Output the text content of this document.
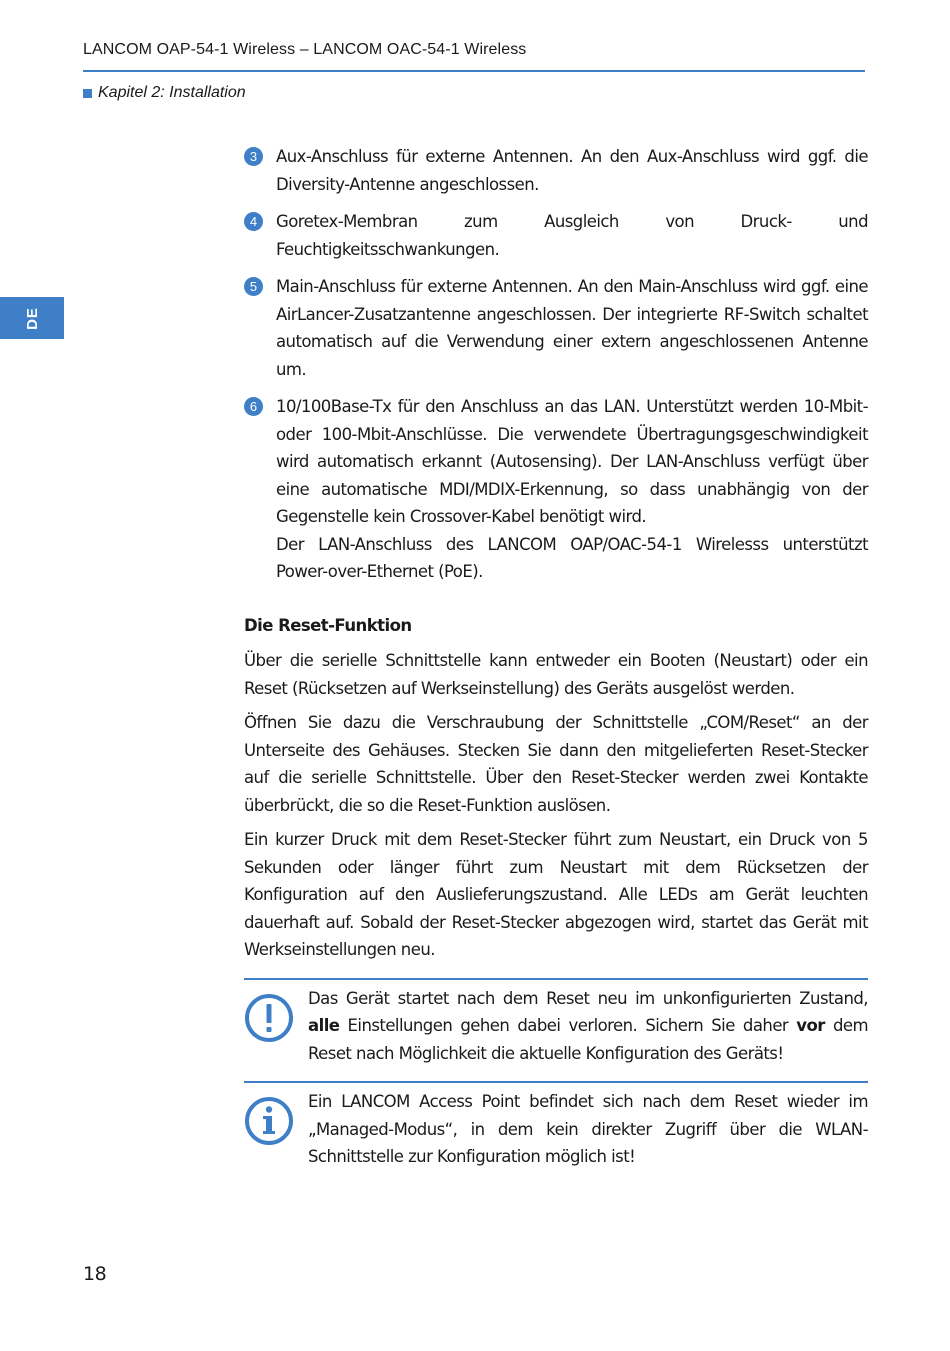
LANCOM OAP-54-1 Wireless – LANCOM OAC-54-1 Wireless
Kapitel 2: Installation
DE
3	Aux-Anschluss für externe Antennen. An den Aux-Anschluss wird ggf. die Diversity-Antenne angeschlossen.
4	Goretex-Membran zum Ausgleich von Druck- und Feuchtigkeitsschwankungen.
5	Main-Anschluss für externe Antennen. An den Main-Anschluss wird ggf. eine AirLancer-Zusatzantenne angeschlossen. Der integrierte RF-Switch schaltet automatisch auf die Verwendung einer extern angeschlossenen Antenne um.
6	10/100Base-Tx für den Anschluss an das LAN. Unterstützt werden 10-Mbit- oder 100-Mbit-Anschlüsse. Die verwendete Übertragungsgeschwindigkeit wird automatisch erkannt (Autosensing). Der LAN-Anschluss verfügt über eine automatische MDI/MDIX-Erkennung, so dass unabhängig von der Gegenstelle kein Crossover-Kabel benötigt wird.
Der LAN-Anschluss des LANCOM OAP/OAC-54-1 Wirelesss unterstützt Power-over-Ethernet (PoE).
Die Reset-Funktion

Über die serielle Schnittstelle kann entweder ein Booten (Neustart) oder ein Reset (Rücksetzen auf Werkseinstellung) des Geräts ausgelöst werden.

Öffnen Sie dazu die Verschraubung der Schnittstelle „COM/Reset“ an der Unterseite des Gehäuses. Stecken Sie dann den mitgelieferten Reset-Stecker auf die serielle Schnittstelle. Über den Reset-Stecker werden zwei Kontakte überbrückt, die so die Reset-Funktion auslösen.

Ein kurzer Druck mit dem Reset-Stecker führt zum Neustart, ein Druck von 5 Sekunden oder länger führt zum Neustart mit dem Rücksetzen der Konfiguration auf den Auslieferungszustand. Alle LEDs am Gerät leuchten dauerhaft auf. Sobald der Reset-Stecker abgezogen wird, startet das Gerät mit Werkseinstellungen neu.

Das Gerät startet nach dem Reset neu im unkonfigurierten Zustand, alle Einstellungen gehen dabei verloren. Sichern Sie daher vor dem Reset nach Möglichkeit die aktuelle Konfiguration des Geräts!
Ein LANCOM Access Point befindet sich nach dem Reset wieder im „Managed-Modus“, in dem kein direkter Zugriff über die WLAN-Schnittstelle zur Konfiguration möglich ist!
18
